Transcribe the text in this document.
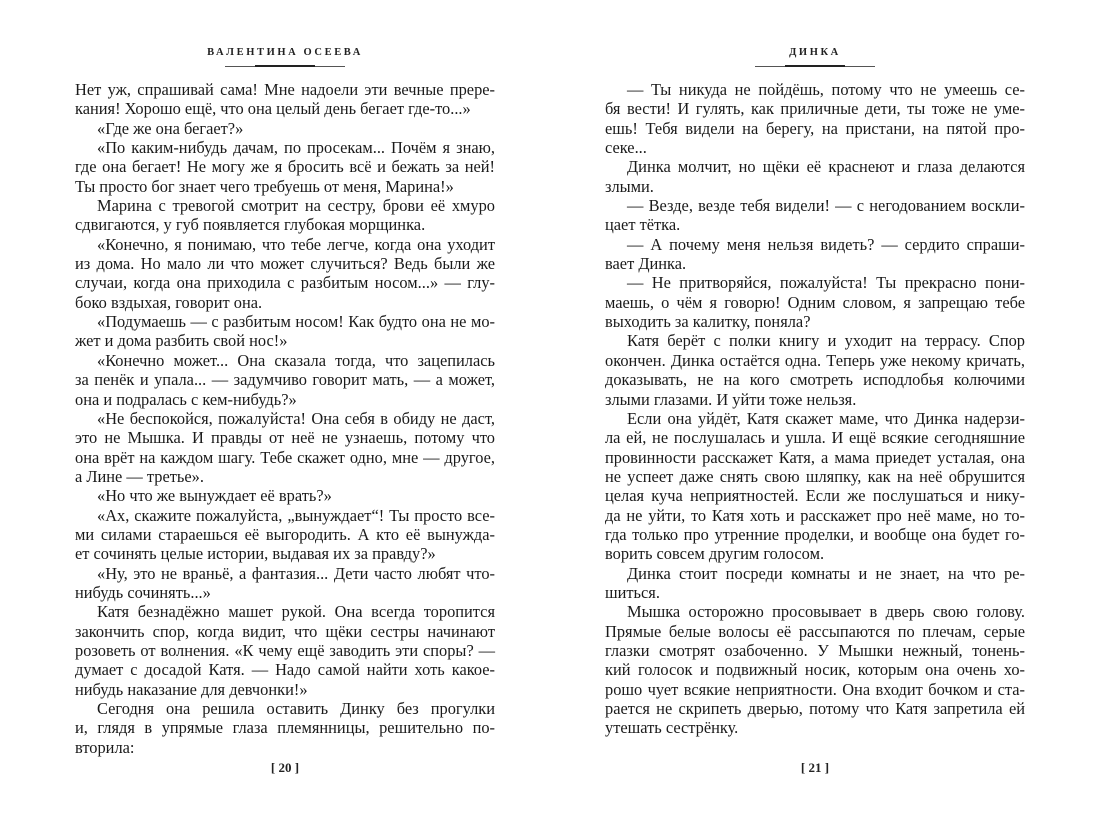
ВАЛЕНТИНА ОСЕЕВА
Нет уж, спрашивай сама! Мне надоели эти вечные прере-
кания! Хорошо ещё, что она целый день бегает где-то...»
«Где же она бегает?»
«По каким-нибудь дачам, по просекам... Почём я знаю,
где она бегает! Не могу же я бросить всё и бежать за ней!
Ты просто бог знает чего требуешь от меня, Марина!»
Марина с тревогой смотрит на сестру, брови её хмуро
сдвигаются, у губ появляется глубокая морщинка.
«Конечно, я понимаю, что тебе легче, когда она уходит
из дома. Но мало ли что может случиться? Ведь были же
случаи, когда она приходила с разбитым носом...» — глу-
боко вздыхая, говорит она.
«Подумаешь — с разбитым носом! Как будто она не мо-
жет и дома разбить свой нос!»
«Конечно может... Она сказала тогда, что зацепилась
за пенёк и упала... — задумчиво говорит мать, — а может,
она и подралась с кем-нибудь?»
«Не беспокойся, пожалуйста! Она себя в обиду не даст,
это не Мышка. И правды от неё не узнаешь, потому что
она врёт на каждом шагу. Тебе скажет одно, мне — другое,
а Лине — третье».
«Но что же вынуждает её врать?»
«Ах, скажите пожалуйста, „вынуждает“! Ты просто все-
ми силами стараешься её выгородить. А кто её вынужда-
ет сочинять целые истории, выдавая их за правду?»
«Ну, это не враньё, а фантазия... Дети часто любят что-
нибудь сочинять...»
Катя безнадёжно машет рукой. Она всегда торопится
закончить спор, когда видит, что щёки сестры начинают
розоветь от волнения. «К чему ещё заводить эти споры? —
думает с досадой Катя. — Надо самой найти хоть какое-
нибудь наказание для девчонки!»
Сегодня она решила оставить Динку без прогулки
и, глядя в упрямые глаза племянницы, решительно по-
вторила:
[ 20 ]
ДИНКА
— Ты никуда не пойдёшь, потому что не умеешь се-
бя вести! И гулять, как приличные дети, ты тоже не уме-
ешь! Тебя видели на берегу, на пристани, на пятой про-
секе...
Динка молчит, но щёки её краснеют и глаза делаются
злыми.
— Везде, везде тебя видели! — с негодованием воскли-
цает тётка.
— А почему меня нельзя видеть? — сердито спраши-
вает Динка.
— Не притворяйся, пожалуйста! Ты прекрасно пони-
маешь, о чём я говорю! Одним словом, я запрещаю тебе
выходить за калитку, поняла?
Катя берёт с полки книгу и уходит на террасу. Спор
окончен. Динка остаётся одна. Теперь уже некому кричать,
доказывать, не на кого смотреть исподлобья колючими
злыми глазами. И уйти тоже нельзя.
Если она уйдёт, Катя скажет маме, что Динка надерзи-
ла ей, не послушалась и ушла. И ещё всякие сегодняшние
провинности расскажет Катя, а мама приедет усталая, она
не успеет даже снять свою шляпку, как на неё обрушится
целая куча неприятностей. Если же послушаться и нику-
да не уйти, то Катя хоть и расскажет про неё маме, но то-
гда только про утренние проделки, и вообще она будет го-
ворить совсем другим голосом.
Динка стоит посреди комнаты и не знает, на что ре-
шиться.
Мышка осторожно просовывает в дверь свою голову.
Прямые белые волосы её рассыпаются по плечам, серые
глазки смотрят озабоченно. У Мышки нежный, тонень-
кий голосок и подвижный носик, которым она очень хо-
рошо чует всякие неприятности. Она входит бочком и ста-
рается не скрипеть дверью, потому что Катя запретила ей
утешать сестрёнку.
[ 21 ]
